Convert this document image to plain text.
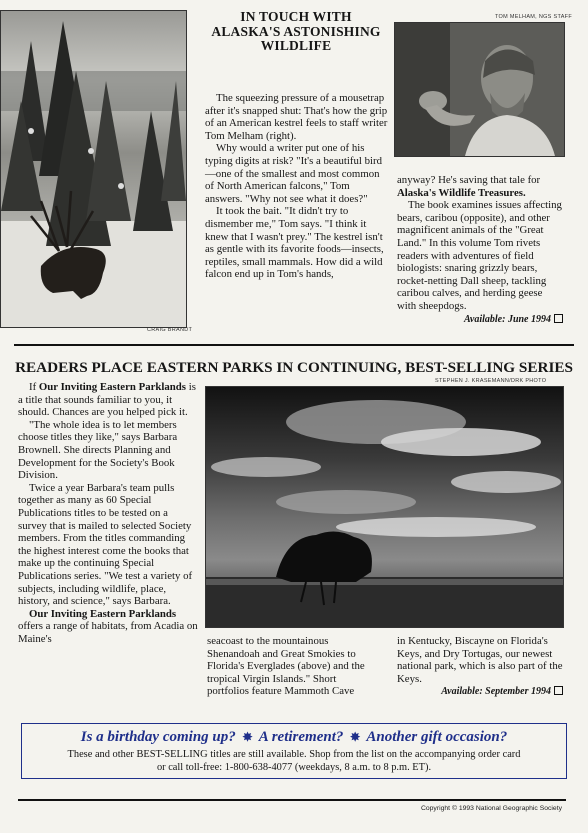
CRAIG BRANDT
IN TOUCH WITH ALASKA'S ASTONISHING WILDLIFE
TOM MELHAM, NGS STAFF

The squeezing pressure of a mousetrap after it's snapped shut: That's how the grip of an American kestrel feels to staff writer Tom Melham (right).

Why would a writer put one of his typing digits at risk? "It's a beautiful bird—one of the smallest and most common of North American falcons," Tom answers. "Why not see what it does?"

It took the bait. "It didn't try to dismember me," Tom says. "I think it knew that I wasn't prey." The kestrel isn't as gentle with its favorite foods—insects, reptiles, small mammals. How did a wild falcon end up in Tom's hands,

anyway? He's saving that tale for Alaska's Wildlife Treasures.

The book examines issues affecting bears, caribou (opposite), and other magnificent animals of the "Great Land." In this volume Tom rivets readers with adventures of field biologists: snaring grizzly bears, rocket-netting Dall sheep, tackling caribou calves, and herding geese with sheepdogs.

Available: June 1994
READERS PLACE EASTERN PARKS IN CONTINUING, BEST-SELLING SERIES
STEPHEN J. KRASEMANN/DRK PHOTO

If Our Inviting Eastern Parklands is a title that sounds familiar to you, it should. Chances are you helped pick it.

"The whole idea is to let members choose titles they like," says Barbara Brownell. She directs Planning and Development for the Society's Book Division.

Twice a year Barbara's team pulls together as many as 60 Special Publications titles to be tested on a survey that is mailed to selected Society members. From the titles commanding the highest interest come the books that make up the continuing Special Publications series. "We test a variety of subjects, including wildlife, place, history, and science," says Barbara.

Our Inviting Eastern Parklands offers a range of habitats, from Acadia on Maine's	seacoast to the mountainous Shenandoah and Great Smokies to Florida's Everglades (above) and the tropical Virgin Islands." Short portfolios feature Mammoth Cave

in Kentucky, Biscayne on Florida's Keys, and Dry Tortugas, our newest national park, which is also part of the Keys.

Available: September 1994
Is a birthday coming up? ✸ A retirement? ✸ Another gift occasion?
These and other BEST-SELLING titles are still available. Shop from the list on the accompanying order card
or call toll-free: 1-800-638-4077 (weekdays, 8 a.m. to 8 p.m. ET).
Copyright © 1993 National Geographic Society
